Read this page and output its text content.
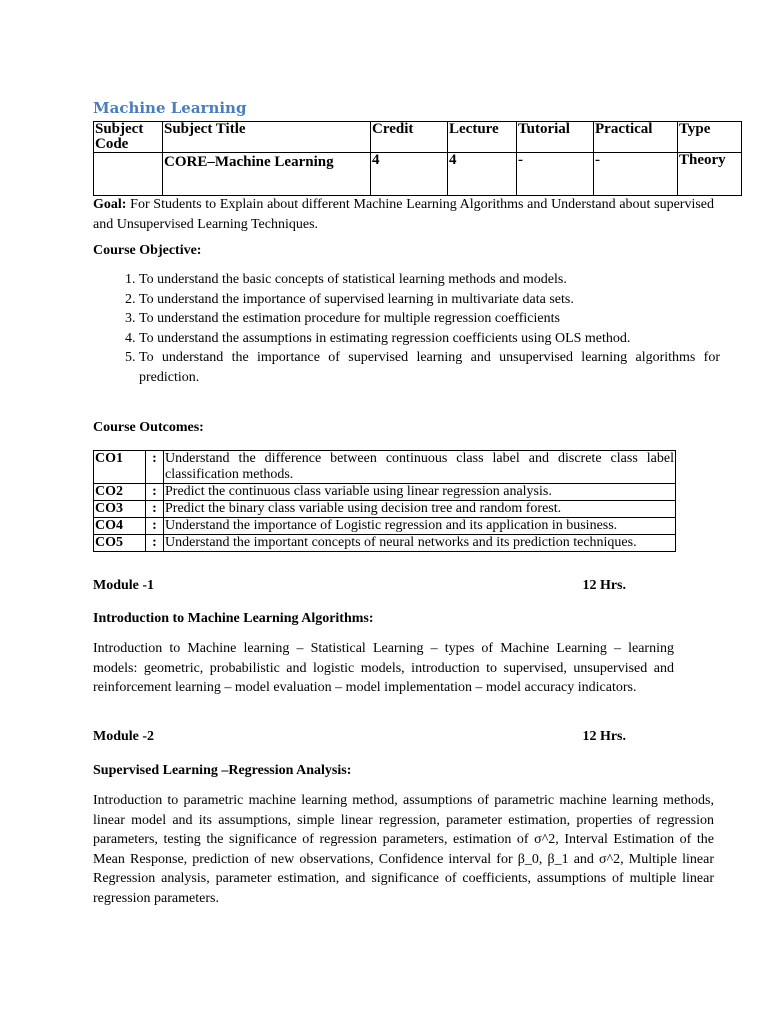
Machine Learning
Subject Code	Subject Title	Credit	Lecture	Tutorial	Practical	Type
	CORE–Machine Learning	4	4	-	-	Theory
Goal: For Students to Explain about different Machine Learning Algorithms and Understand about supervised and Unsupervised Learning Techniques.
Course Objective:
1. To understand the basic concepts of statistical learning methods and models.
2. To understand the importance of supervised learning in multivariate data sets.
3. To understand the estimation procedure for multiple regression coefficients
4. To understand the assumptions in estimating regression coefficients using OLS method.
5. To understand the importance of supervised learning and unsupervised learning algorithms for prediction.
Course Outcomes:
CO1	:	Understand the difference between continuous class label and discrete class label classification methods.
CO2	:	Predict the continuous class variable using linear regression analysis.
CO3	:	Predict the binary class variable using decision tree and random forest.
CO4	:	Understand the importance of Logistic regression and its application in business.
CO5	:	Understand the important concepts of neural networks and its prediction techniques.
Module -1	12 Hrs.
Introduction to Machine Learning Algorithms:
Introduction to Machine learning – Statistical Learning – types of Machine Learning – learning models: geometric, probabilistic and logistic models, introduction to supervised, unsupervised and reinforcement learning – model evaluation – model implementation – model accuracy indicators.
Module -2	12 Hrs.
Supervised Learning –Regression Analysis:
Introduction to parametric machine learning method, assumptions of parametric machine learning methods, linear model and its assumptions, simple linear regression, parameter estimation, properties of regression parameters, testing the significance of regression parameters, estimation of σ^2, Interval Estimation of the Mean Response, prediction of new observations, Confidence interval for β_0, β_1 and σ^2, Multiple linear Regression analysis, parameter estimation, and significance of coefficients, assumptions of multiple linear regression parameters.
